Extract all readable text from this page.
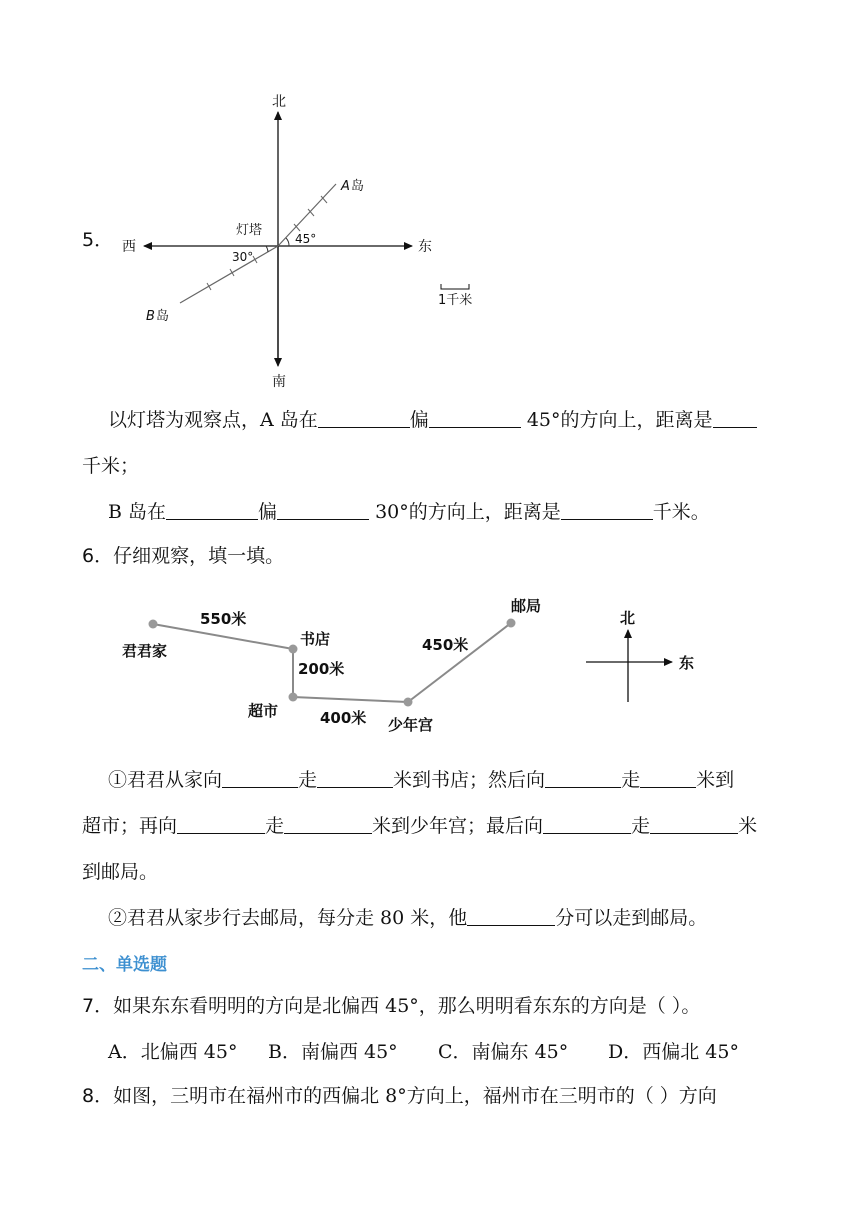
5．
北
南
东
西
灯塔
45°
30°
A 岛
B 岛
1千米
以灯塔为观察点，A 岛在	偏	45°的方向上，距离是
千米；
B 岛在	偏	30°的方向上，距离是	千米。
6．仔细观察，填一填。
君君家
书店
超市
少年宫
邮局
550米
200米
400米
450米
北
东
①君君从家向	走	米到书店；然后向	走	米到
超市；再向	走	米到少年宫；最后向	走	米
到邮局。
②君君从家步行去邮局，每分走 80 米，他	分可以走到邮局。
二、单选题
7．如果东东看明明的方向是北偏西 45°，那么明明看东东的方向是（ ）。
A．北偏西 45° B．南偏西 45° C．南偏东 45° D．西偏北 45°
8．如图，三明市在福州市的西偏北 8°方向上，福州市在三明市的（ ）方向
